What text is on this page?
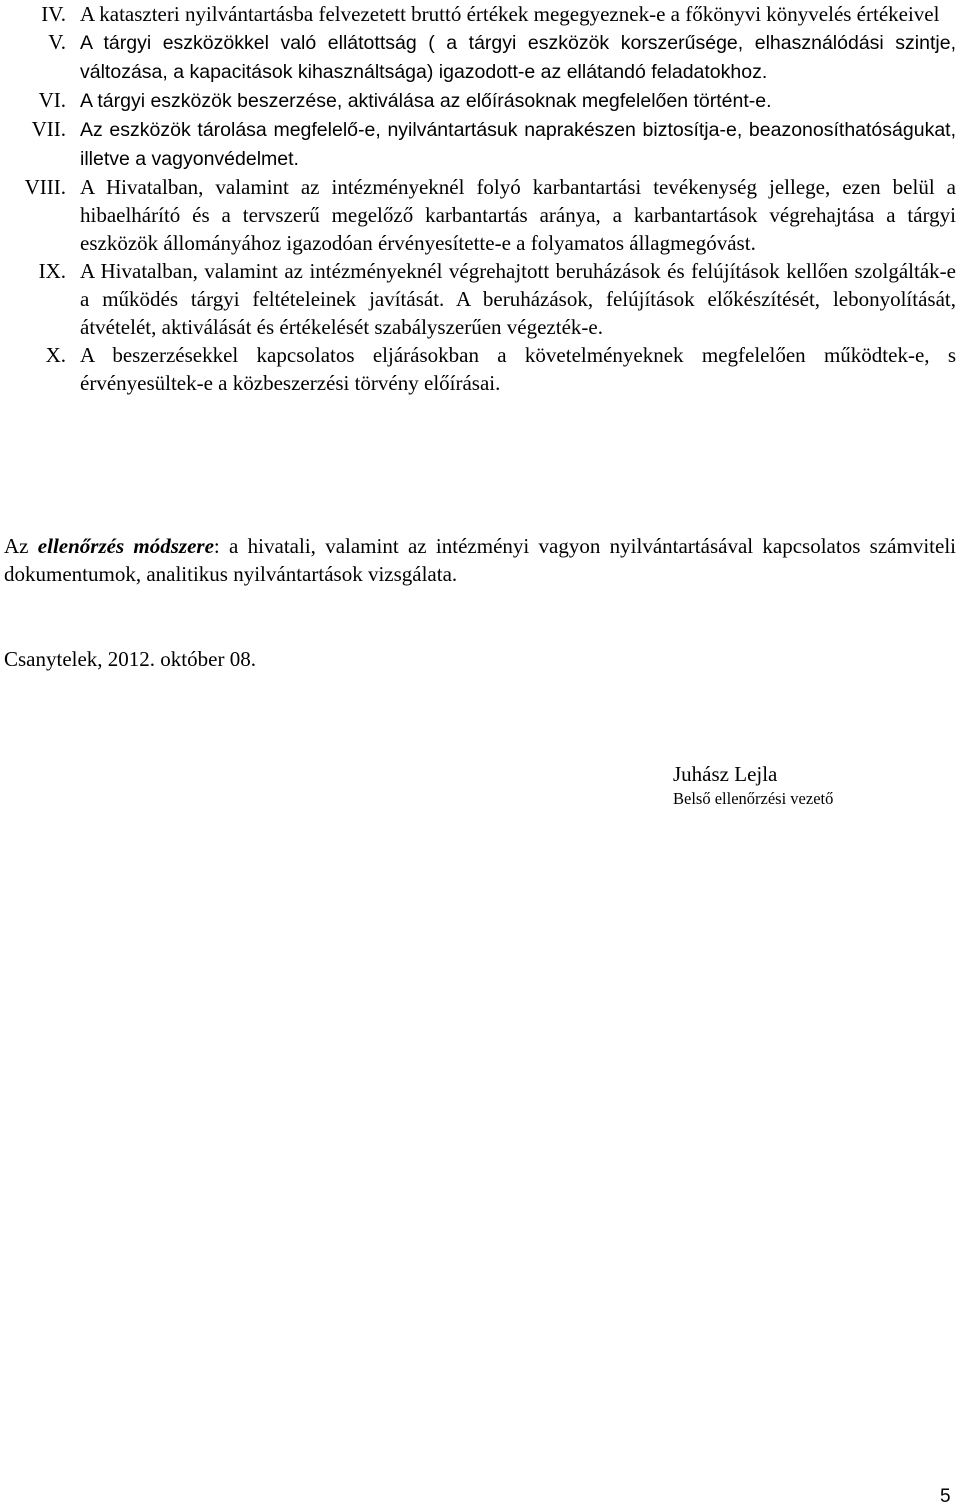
IV. A kataszteri nyilvántartásba felvezetett bruttó értékek megegyeznek-e a főkönyvi könyvelés értékeivel
V. A tárgyi eszközökkel való ellátottság ( a tárgyi eszközök korszerűsége, elhasználódási szintje, változása, a kapacitások kihasználtsága) igazodott-e az ellátandó feladatokhoz.
VI. A tárgyi eszközök beszerzése, aktiválása az előírásoknak megfelelően történt-e.
VII. Az eszközök tárolása megfelelő-e, nyilvántartásuk naprakészen biztosítja-e, beazonosíthatóságukat, illetve a vagyonvédelmet.
VIII. A Hivatalban, valamint az intézményeknél folyó karbantartási tevékenység jellege, ezen belül a hibaelhárító és a tervszerű megelőző karbantartás aránya, a karbantartások végrehajtása a tárgyi eszközök állományához igazodóan érvényesítette-e a folyamatos állagmegóvást.
IX. A Hivatalban, valamint az intézményeknél végrehajtott beruházások és felújítások kellően szolgálták-e a működés tárgyi feltételeinek javítását. A beruházások, felújítások előkészítését, lebonyolítását, átvételét, aktiválását és értékelését szabályszerűen végezték-e.
X. A beszerzésekkel kapcsolatos eljárásokban a követelményeknek megfelelően működtek-e, s érvényesültek-e a közbeszerzési törvény előírásai.
Az ellenőrzés módszere: a hivatali, valamint az intézményi vagyon nyilvántartásával kapcsolatos számviteli dokumentumok, analitikus nyilvántartások vizsgálata.
Csanytelek, 2012. október 08.
Juhász Lejla
Belső ellenőrzési vezető
5
